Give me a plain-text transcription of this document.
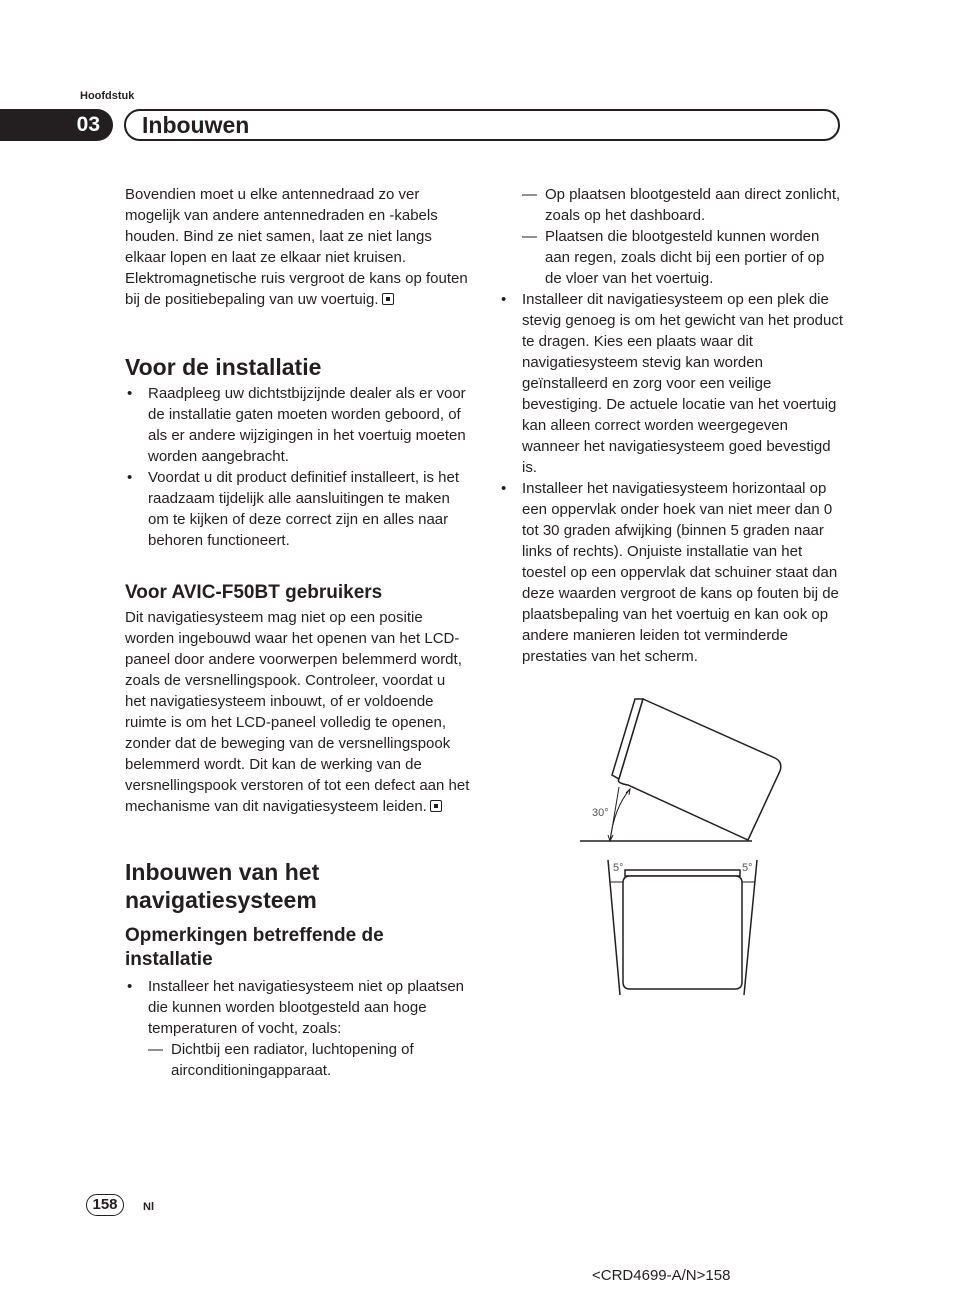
Hoofdstuk
03	Inbouwen

Bovendien moet u elke antennedraad zo ver mogelijk van andere antennedraden en -kabels houden. Bind ze niet samen, laat ze niet langs elkaar lopen en laat ze elkaar niet kruisen. Elektromagnetische ruis vergroot de kans op fouten bij de positiebepaling van uw voertuig.

Voor de installatie
• Raadpleeg uw dichtstbijzijnde dealer als er voor de installatie gaten moeten worden geboord, of als er andere wijzigingen in het voertuig moeten worden aangebracht.
• Voordat u dit product definitief installeert, is het raadzaam tijdelijk alle aansluitingen te maken om te kijken of deze correct zijn en alles naar behoren functioneert.
Voor AVIC-F50BT gebruikers

Dit navigatiesysteem mag niet op een positie worden ingebouwd waar het openen van het LCD-paneel door andere voorwerpen belemmerd wordt, zoals de versnellingspook. Controleer, voordat u het navigatiesysteem inbouwt, of er voldoende ruimte is om het LCD-paneel volledig te openen, zonder dat de beweging van de versnellingspook belemmerd wordt. Dit kan de werking van de versnellingspook verstoren of tot een defect aan het mechanisme van dit navigatiesysteem leiden.

Inbouwen van het navigatiesysteem
Opmerkingen betreffende de installatie
• Installeer het navigatiesysteem niet op plaatsen die kunnen worden blootgesteld aan hoge temperaturen of vocht, zoals:
— Dichtbij een radiator, luchtopening of airconditioningapparaat.
— Op plaatsen blootgesteld aan direct zonlicht, zoals op het dashboard.
— Plaatsen die blootgesteld kunnen worden aan regen, zoals dicht bij een portier of op de vloer van het voertuig.
• Installeer dit navigatiesysteem op een plek die stevig genoeg is om het gewicht van het product te dragen. Kies een plaats waar dit navigatiesysteem stevig kan worden geïnstalleerd en zorg voor een veilige bevestiging. De actuele locatie van het voertuig kan alleen correct worden weergegeven wanneer het navigatiesysteem goed bevestigd is.
• Installeer het navigatiesysteem horizontaal op een oppervlak onder hoek van niet meer dan 0 tot 30 graden afwijking (binnen 5 graden naar links of rechts). Onjuiste installatie van het toestel op een oppervlak dat schuiner staat dan deze waarden vergroot de kans op fouten bij de plaatsbepaling van het voertuig en kan ook op andere manieren leiden tot verminderde prestaties van het scherm.
30°
5°	5°
158	Nl
<CRD4699-A/N>158
